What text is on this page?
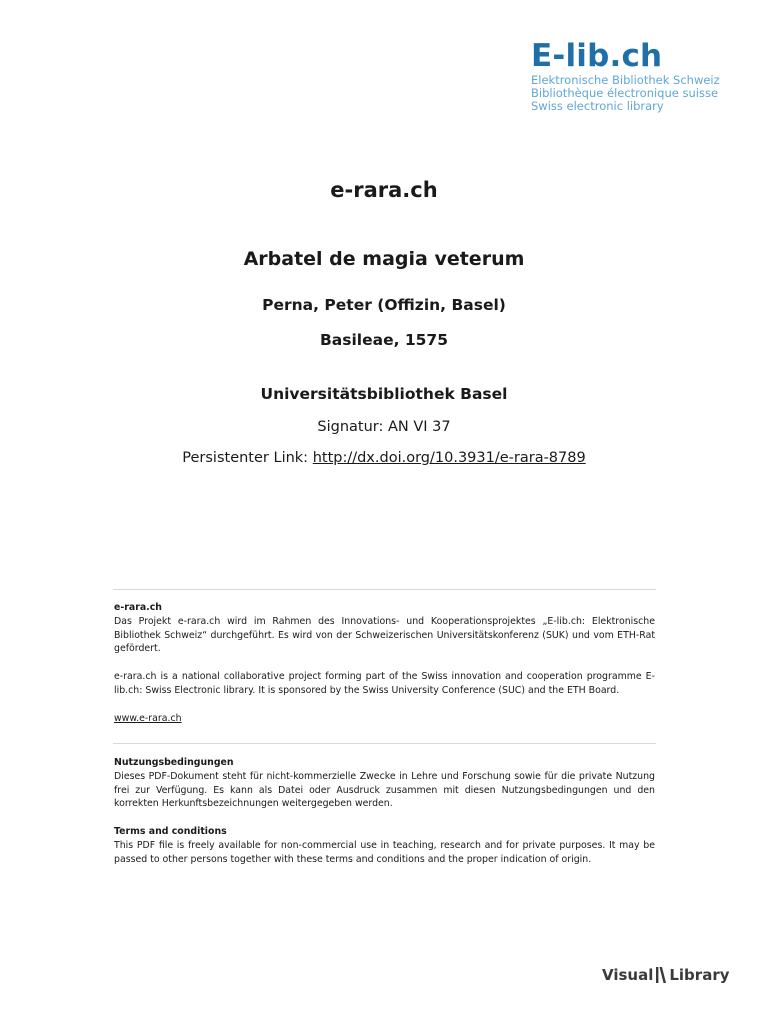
E-lib.ch
Elektronische Bibliothek Schweiz
Bibliothèque électronique suisse
Swiss electronic library
e-rara.ch
Arbatel de magia veterum
Perna, Peter (Offizin, Basel)
Basileae, 1575
Universitätsbibliothek Basel
Signatur: AN VI 37
Persistenter Link: http://dx.doi.org/10.3931/e-rara-8789
e-rara.ch
Das Projekt e-rara.ch wird im Rahmen des Innovations- und Kooperationsprojektes „E-lib.ch: Elektronische Bibliothek Schweiz“ durchgeführt. Es wird von der Schweizerischen Universitätskonferenz (SUK) und vom ETH-Rat gefördert.
e-rara.ch is a national collaborative project forming part of the Swiss innovation and cooperation programme E-lib.ch: Swiss Electronic library. It is sponsored by the Swiss University Conference (SUC) and the ETH Board.
www.e-rara.ch
Nutzungsbedingungen
Dieses PDF-Dokument steht für nicht-kommerzielle Zwecke in Lehre und Forschung sowie für die private Nutzung frei zur Verfügung. Es kann als Datei oder Ausdruck zusammen mit diesen Nutzungsbedingungen und den korrekten Herkunftsbezeichnungen weitergegeben werden.
Terms and conditions
This PDF file is freely available for non-commercial use in teaching, research and for private purposes. It may be passed to other persons together with these terms and conditions and the proper indication of origin.
Visual Library
